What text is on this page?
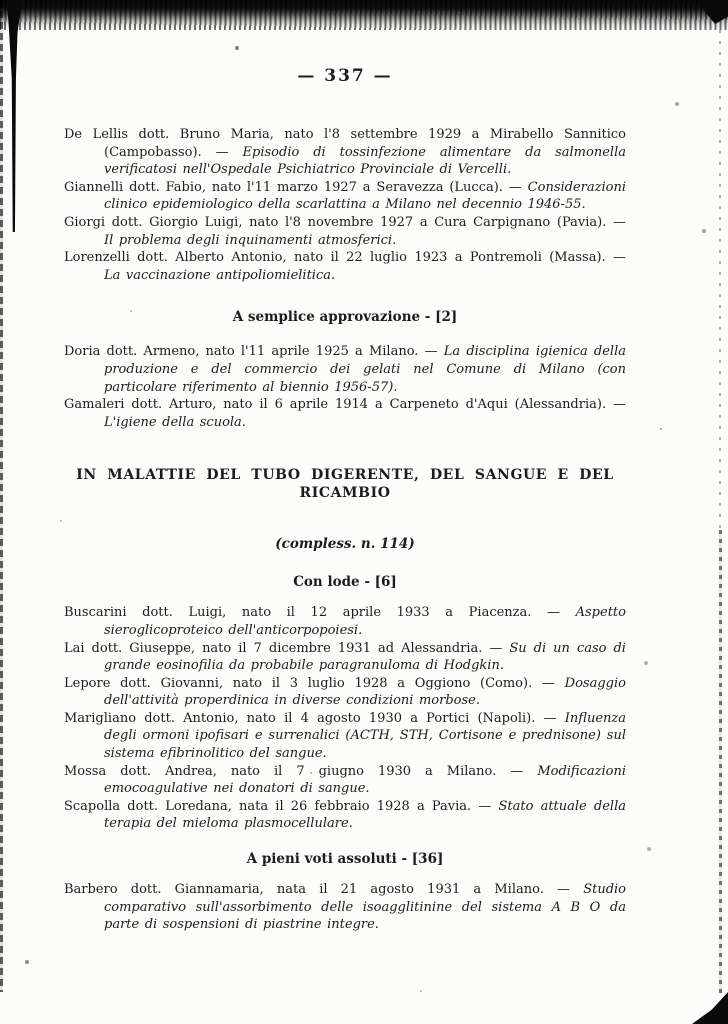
— 337 —

De Lellis dott. Bruno Maria, nato l'8 settembre 1929 a Mirabello Sannitico (Campobasso). — Episodio di tossinfezione alimentare da salmonella verificatosi nell'Ospedale Psichiatrico Provinciale di Vercelli.

Giannelli dott. Fabio, nato l'11 marzo 1927 a Seravezza (Lucca). — Considerazioni clinico epidemiologico della scarlattina a Milano nel decennio 1946-55.

Giorgi dott. Giorgio Luigi, nato l'8 novembre 1927 a Cura Carpignano (Pavia). — Il problema degli inquinamenti atmosferici.

Lorenzelli dott. Alberto Antonio, nato il 22 luglio 1923 a Pontremoli (Massa). — La vaccinazione antipoliomielitica.

A semplice approvazione - [2]

Doria dott. Armeno, nato l'11 aprile 1925 a Milano. — La disciplina igienica della produzione e del commercio dei gelati nel Comune di Milano (con particolare riferimento al biennio 1956-57).

Gamaleri dott. Arturo, nato il 6 aprile 1914 a Carpeneto d'Aqui (Alessandria). — L'igiene della scuola.

IN MALATTIE DEL TUBO DIGERENTE, DEL SANGUE E DEL RICAMBIO
(compless. n. 114)
Con lode - [6]

Buscarini dott. Luigi, nato il 12 aprile 1933 a Piacenza. — Aspetto sieroglicoproteico dell'anticorpopoiesi.

Lai dott. Giuseppe, nato il 7 dicembre 1931 ad Alessandria. — Su di un caso di grande eosinofilia da probabile paragranuloma di Hodgkin.

Lepore dott. Giovanni, nato il 3 luglio 1928 a Oggiono (Como). — Dosaggio dell'attività properdinica in diverse condizioni morbose.

Marigliano dott. Antonio, nato il 4 agosto 1930 a Portici (Napoli). — Influenza degli ormoni ipofisari e surrenalici (ACTH, STH, Cortisone e prednisone) sul sistema efibrinolitico del sangue.

Mossa dott. Andrea, nato il 7 giugno 1930 a Milano. — Modificazioni emocoagulative nei donatori di sangue.

Scapolla dott. Loredana, nata il 26 febbraio 1928 a Pavia. — Stato attuale della terapia del mieloma plasmocellulare.

A pieni voti assoluti - [36]

Barbero dott. Giannamaria, nata il 21 agosto 1931 a Milano. — Studio comparativo sull'assorbimento delle isoagglitinine del sistema A B O da parte di sospensioni di piastrine integre.
